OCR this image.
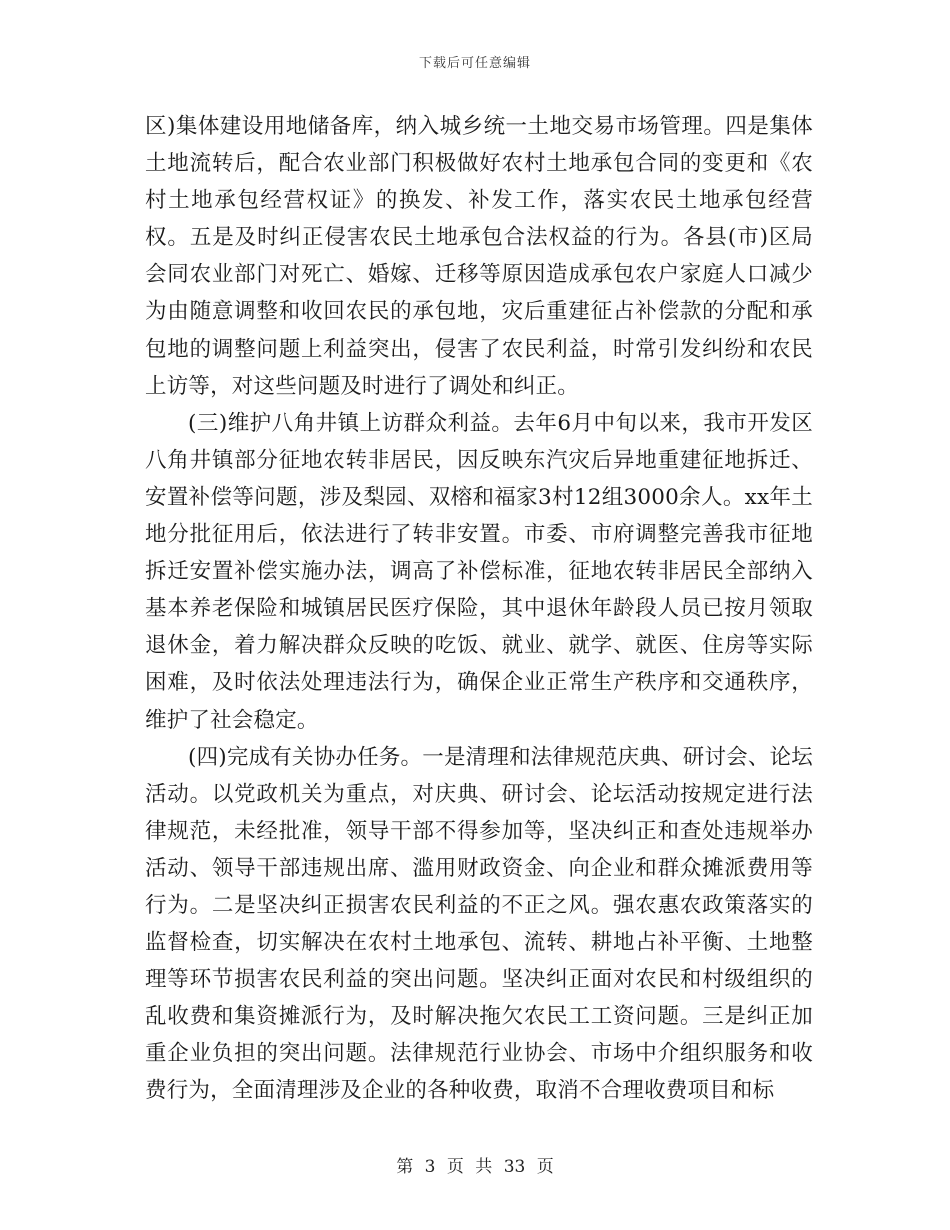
下载后可任意编辑

区)集体建设用地储备库，纳入城乡统一土地交易市场管理。四是集体土地流转后，配合农业部门积极做好农村土地承包合同的变更和《农村土地承包经营权证》的换发、补发工作，落实农民土地承包经营权。五是及时纠正侵害农民土地承包合法权益的行为。各县(市)区局会同农业部门对死亡、婚嫁、迁移等原因造成承包农户家庭人口减少为由随意调整和收回农民的承包地，灾后重建征占补偿款的分配和承包地的调整问题上利益突出，侵害了农民利益，时常引发纠纷和农民上访等，对这些问题及时进行了调处和纠正。

(三)维护八角井镇上访群众利益。去年6月中旬以来，我市开发区八角井镇部分征地农转非居民，因反映东汽灾后异地重建征地拆迁、安置补偿等问题，涉及梨园、双榕和福家3村12组3000余人。xx年土地分批征用后，依法进行了转非安置。市委、市府调整完善我市征地拆迁安置补偿实施办法，调高了补偿标准，征地农转非居民全部纳入基本养老保险和城镇居民医疗保险，其中退休年龄段人员已按月领取退休金，着力解决群众反映的吃饭、就业、就学、就医、住房等实际困难，及时依法处理违法行为，确保企业正常生产秩序和交通秩序，维护了社会稳定。

(四)完成有关协办任务。一是清理和法律规范庆典、研讨会、论坛活动。以党政机关为重点，对庆典、研讨会、论坛活动按规定进行法律规范，未经批准，领导干部不得参加等，坚决纠正和查处违规举办活动、领导干部违规出席、滥用财政资金、向企业和群众摊派费用等行为。二是坚决纠正损害农民利益的不正之风。强农惠农政策落实的监督检查，切实解决在农村土地承包、流转、耕地占补平衡、土地整理等环节损害农民利益的突出问题。坚决纠正面对农民和村级组织的乱收费和集资摊派行为，及时解决拖欠农民工工资问题。三是纠正加重企业负担的突出问题。法律规范行业协会、市场中介组织服务和收费行为，全面清理涉及企业的各种收费，取消不合理收费项目和标

第 3 页 共 33 页
